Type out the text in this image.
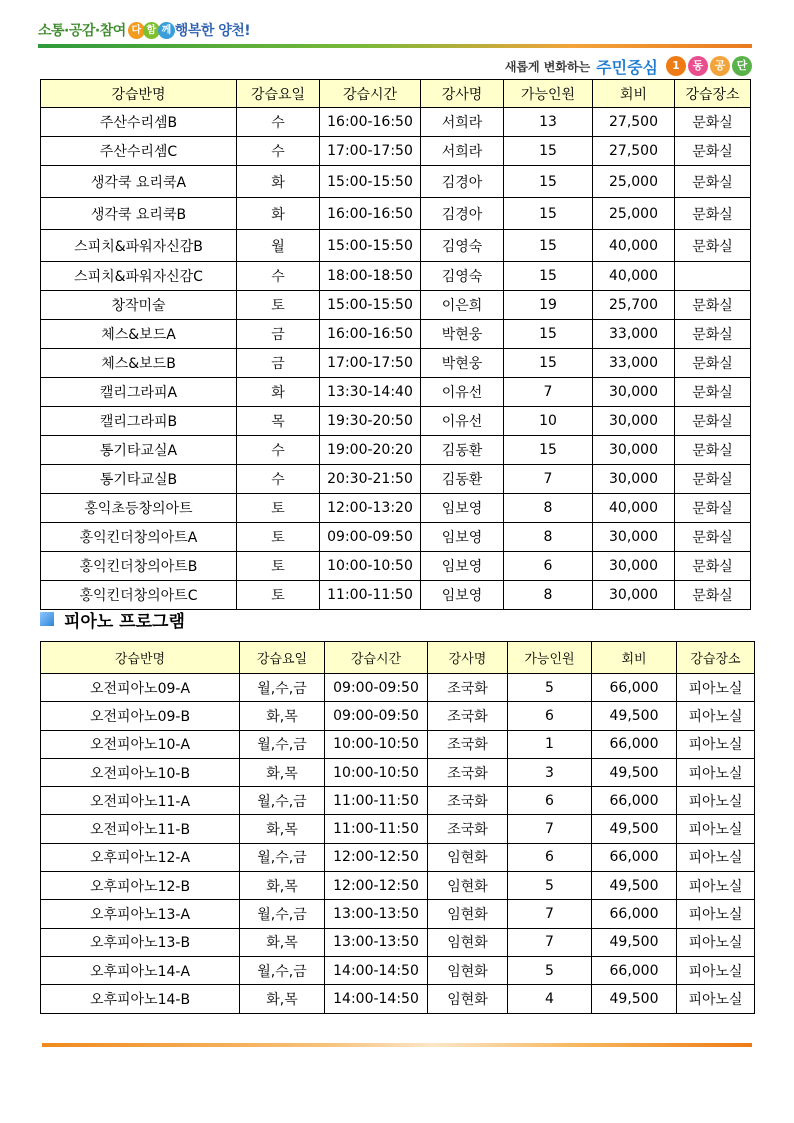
소통·공감·참여 다 함 께 행복한 양천!
새롭게 변화하는 주민중심	1	동	공	단
강습반명	강습요일	강습시간	강사명	가능인원	회비	강습장소
주산수리셈B	수	16:00-16:50	서희라	13	27,500	문화실
주산수리셈C	수	17:00-17:50	서희라	15	27,500	문화실
생각쿡 요리쿡A	화	15:00-15:50	김경아	15	25,000	문화실
생각쿡 요리쿡B	화	16:00-16:50	김경아	15	25,000	문화실
스피치&파워자신감B	월	15:00-15:50	김영숙	15	40,000	문화실
스피치&파워자신감C	수	18:00-18:50	김영숙	15	40,000	
창작미술	토	15:00-15:50	이은희	19	25,700	문화실
체스&보드A	금	16:00-16:50	박현웅	15	33,000	문화실
체스&보드B	금	17:00-17:50	박현웅	15	33,000	문화실
캘리그라피A	화	13:30-14:40	이유선	7	30,000	문화실
캘리그라피B	목	19:30-20:50	이유선	10	30,000	문화실
통기타교실A	수	19:00-20:20	김동환	15	30,000	문화실
통기타교실B	수	20:30-21:50	김동환	7	30,000	문화실
홍익초등창의아트	토	12:00-13:20	임보영	8	40,000	문화실
홍익킨더창의아트A	토	09:00-09:50	임보영	8	30,000	문화실
홍익킨더창의아트B	토	10:00-10:50	임보영	6	30,000	문화실
홍익킨더창의아트C	토	11:00-11:50	임보영	8	30,000	문화실
피아노 프로그램
강습반명	강습요일	강습시간	강사명	가능인원	회비	강습장소
오전피아노09-A	월,수,금	09:00-09:50	조국화	5	66,000	피아노실
오전피아노09-B	화,목	09:00-09:50	조국화	6	49,500	피아노실
오전피아노10-A	월,수,금	10:00-10:50	조국화	1	66,000	피아노실
오전피아노10-B	화,목	10:00-10:50	조국화	3	49,500	피아노실
오전피아노11-A	월,수,금	11:00-11:50	조국화	6	66,000	피아노실
오전피아노11-B	화,목	11:00-11:50	조국화	7	49,500	피아노실
오후피아노12-A	월,수,금	12:00-12:50	임현화	6	66,000	피아노실
오후피아노12-B	화,목	12:00-12:50	임현화	5	49,500	피아노실
오후피아노13-A	월,수,금	13:00-13:50	임현화	7	66,000	피아노실
오후피아노13-B	화,목	13:00-13:50	임현화	7	49,500	피아노실
오후피아노14-A	월,수,금	14:00-14:50	임현화	5	66,000	피아노실
오후피아노14-B	화,목	14:00-14:50	임현화	4	49,500	피아노실
